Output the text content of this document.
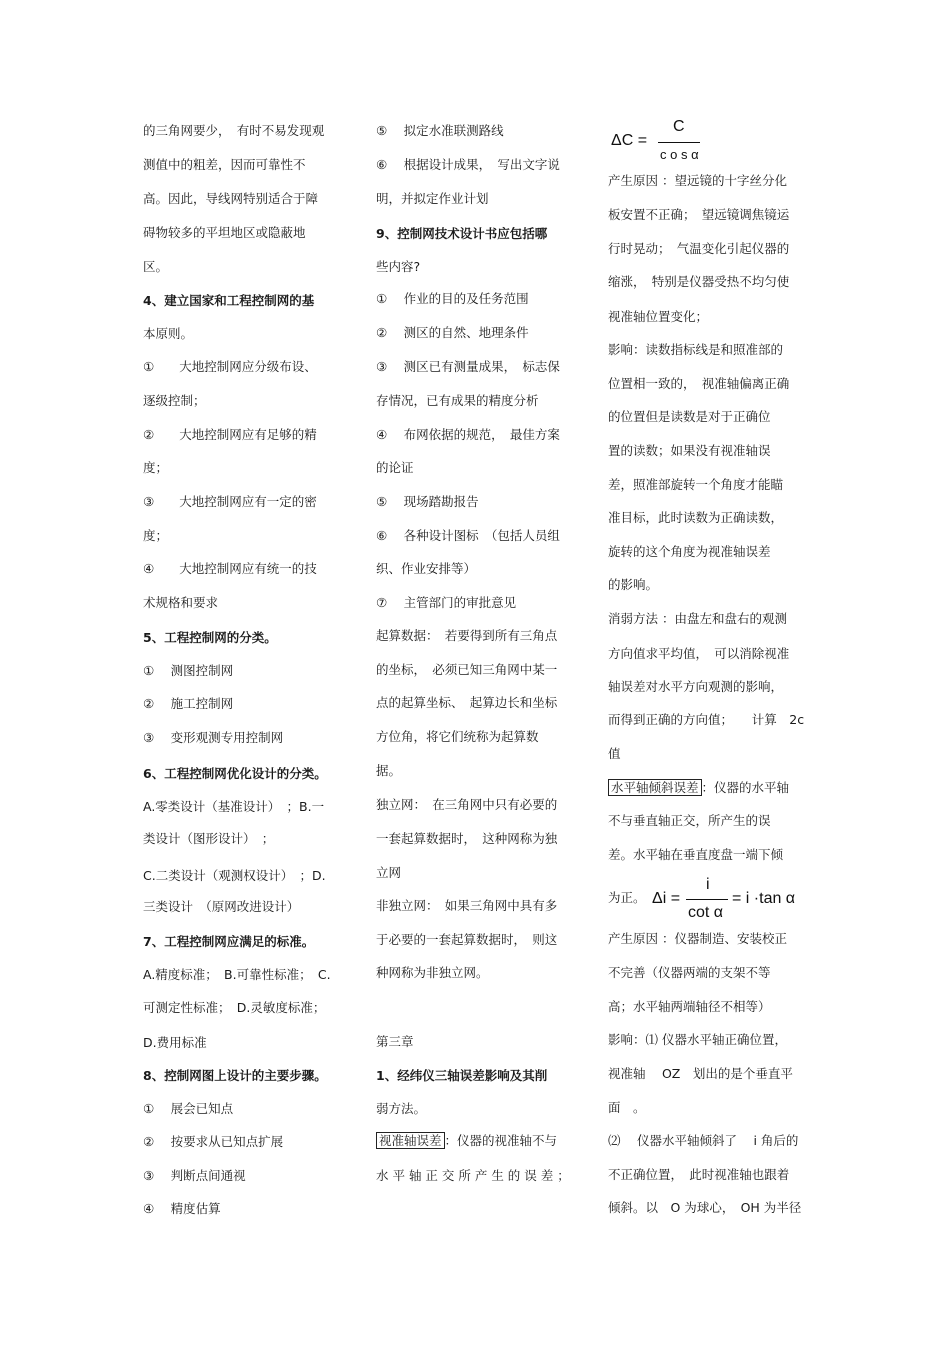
的三角网要少，　有时不易发现观
测值中的粗差，因而可靠性不
高。因此，导线网特别适合于障
碍物较多的平坦地区或隐蔽地
区。
4、建立国家和工程控制网的基
本原则。
①　　大地控制网应分级布设、
逐级控制；
②　　大地控制网应有足够的精
度；
③　　大地控制网应有一定的密
度；
④　　大地控制网应有统一的技
术规格和要求
5、工程控制网的分类。
①　 测图控制网
②　 施工控制网
③　 变形观测专用控制网
6、工程控制网优化设计的分类。
A.零类设计（基准设计）　；B.一
类设计（图形设计）　；
C.二类设计（观测权设计）　；D.
三类设计　（原网改进设计）
7、工程控制网应满足的标准。
A.精度标准；　B.可靠性标准；　C.
可测定性标准；　D.灵敏度标准；
D.费用标准
8、控制网图上设计的主要步骤。
①　 展会已知点
②　 按要求从已知点扩展
③　 判断点间通视
④　 精度估算
⑤　 拟定水准联测路线
⑥　 根据设计成果，　写出文字说
明，并拟定作业计划
9、控制网技术设计书应包括哪
些内容?
①　 作业的目的及任务范围
②　 测区的自然、地理条件
③　 测区已有测量成果，　标志保
存情况，已有成果的精度分析
④　 布网依据的规范，　最佳方案
的论证
⑤　 现场踏勘报告
⑥　 各种设计图标　（包括人员组
织、作业安排等）
⑦　 主管部门的审批意见
起算数据：　若要得到所有三角点
的坐标，　必须已知三角网中某一
点的起算坐标、　起算边长和坐标
方位角，将它们统称为起算数
据。
独立网：　在三角网中只有必要的
一套起算数据时，　这种网称为独
立网
非独立网：　如果三角网中具有多
于必要的一套起算数据时，　则这
种网称为非独立网。
第三章
1、经纬仪三轴误差影响及其削
弱方法。
视准轴误差 ：仪器的视准轴不与
水 平 轴 正 交 所 产 生 的 误 差 ；
ΔC =
C
c o s α
产生原因 ：望远镜的十字丝分化
板安置不正确；　望远镜调焦镜运
行时晃动；　气温变化引起仪器的
缩涨，　特别是仪器受热不均匀使
视准轴位置变化；
影响：读数指标线是和照准部的
位置相一致的，　视准轴偏离正确
的位置但是读数是对于正确位
置的读数；如果没有视准轴误
差，照准部旋转一个角度才能瞄
准目标，此时读数为正确读数，
旋转的这个角度为视准轴误差
的影响。
消弱方法 ：由盘左和盘右的观测
方向值求平均值，　可以消除视准
轴误差对水平方向观测的影响，
而得到正确的方向值；　　计算　2c
值
水平轴倾斜误差 ：仪器的水平轴
不与垂直轴正交，所产生的误
差。水平轴在垂直度盘一端下倾
为正。 Δi =
i
cot α
= i ·tan α
产生原因 ：仪器制造、安装校正
不完善（仪器两端的支架不等
高；水平轴两端轴径不相等）
影响：⑴ 仪器水平轴正确位置，
视准轴　 OZ　划出的是个垂直平
面　。
⑵　 仪器水平轴倾斜了　 i 角后的
不正确位置，　此时视准轴也跟着
倾斜。以　O 为球心，　OH 为半径
